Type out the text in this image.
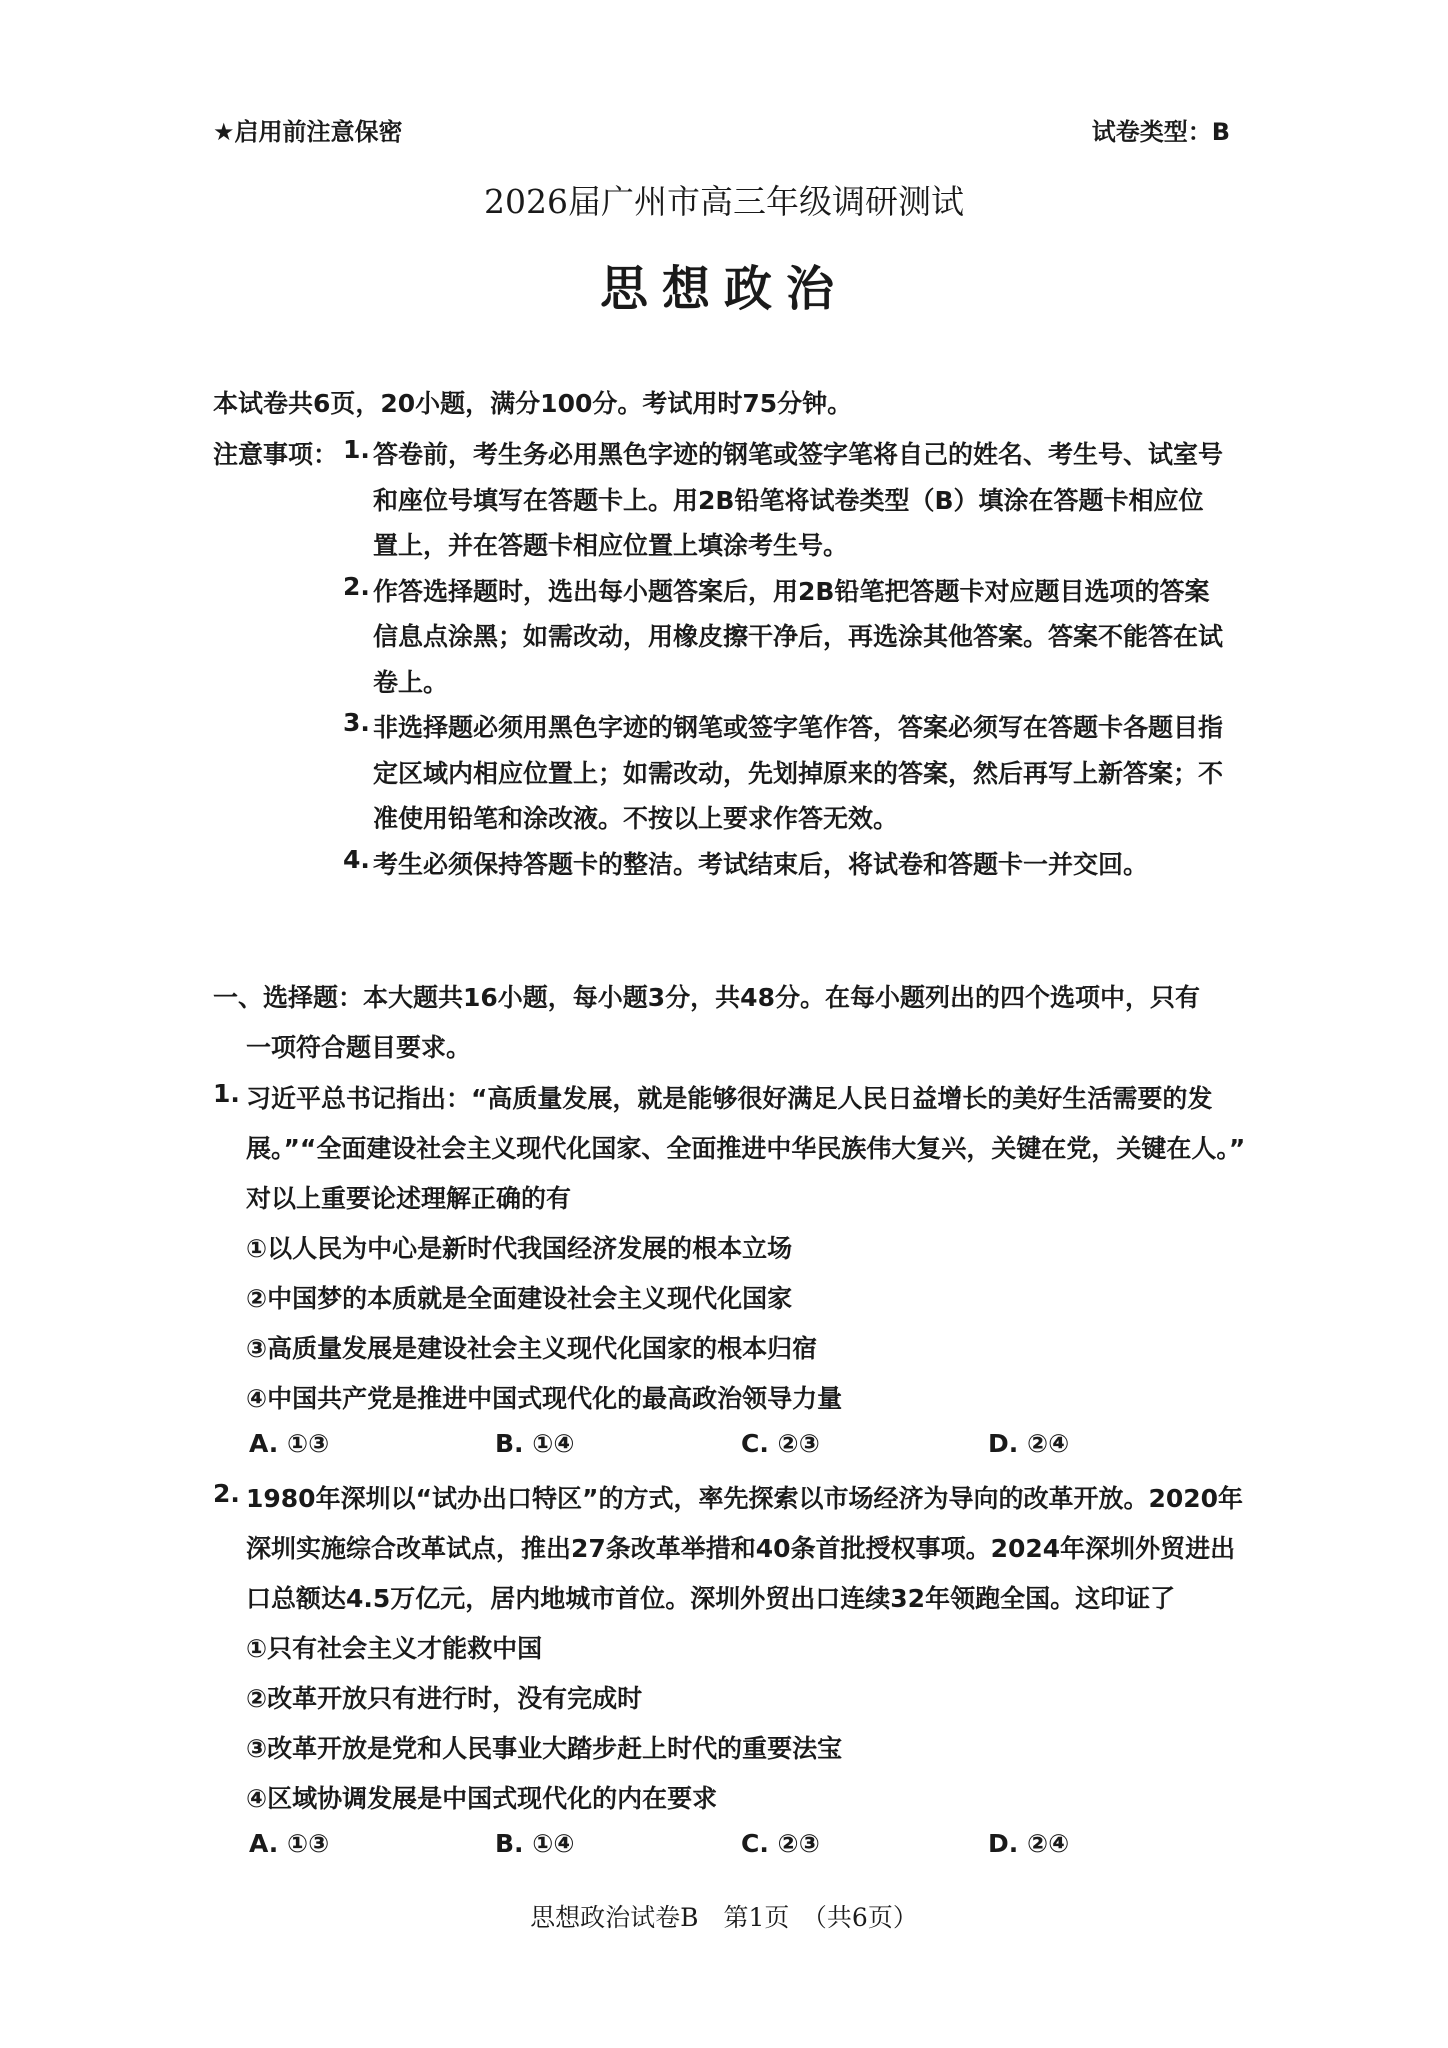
★启用前注意保密	试卷类型：B
2026届广州市高三年级调研测试
思想政治
本试卷共6页，20小题，满分100分。考试用时75分钟。
注意事项： 1. 答卷前，考生务必用黑色字迹的钢笔或签字笔将自己的姓名、考生号、试室号
和座位号填写在答题卡上。用2B铅笔将试卷类型（B）填涂在答题卡相应位
置上，并在答题卡相应位置上填涂考生号。
2. 作答选择题时，选出每小题答案后，用2B铅笔把答题卡对应题目选项的答案
信息点涂黑；如需改动，用橡皮擦干净后，再选涂其他答案。答案不能答在试
卷上。
3. 非选择题必须用黑色字迹的钢笔或签字笔作答，答案必须写在答题卡各题目指
定区域内相应位置上；如需改动，先划掉原来的答案，然后再写上新答案；不
准使用铅笔和涂改液。不按以上要求作答无效。
4. 考生必须保持答题卡的整洁。考试结束后，将试卷和答题卡一并交回。
一、选择题：本大题共16小题，每小题3分，共48分。在每小题列出的四个选项中，只有
一项符合题目要求。
1. 习近平总书记指出：“高质量发展，就是能够很好满足人民日益增长的美好生活需要的发
展。”“全面建设社会主义现代化国家、全面推进中华民族伟大复兴，关键在党，关键在人。”
对以上重要论述理解正确的有
①以人民为中心是新时代我国经济发展的根本立场
②中国梦的本质就是全面建设社会主义现代化国家
③高质量发展是建设社会主义现代化国家的根本归宿
④中国共产党是推进中国式现代化的最高政治领导力量
A. ①③	B. ①④	C. ②③	D. ②④
2. 1980年深圳以“试办出口特区”的方式，率先探索以市场经济为导向的改革开放。2020年
深圳实施综合改革试点，推出27条改革举措和40条首批授权事项。2024年深圳外贸进出
口总额达4.5万亿元，居内地城市首位。深圳外贸出口连续32年领跑全国。这印证了
①只有社会主义才能救中国
②改革开放只有进行时，没有完成时
③改革开放是党和人民事业大踏步赶上时代的重要法宝
④区域协调发展是中国式现代化的内在要求
A. ①③	B. ①④	C. ②③	D. ②④
思想政治试卷B　第1页　（共6页）
